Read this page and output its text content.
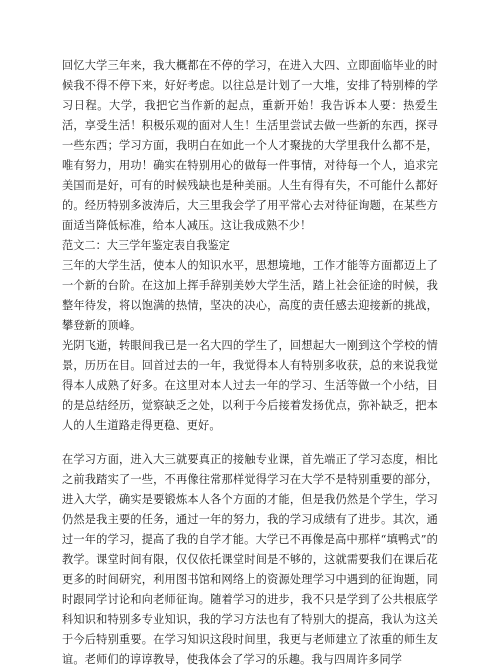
回忆大学三年来，我大概都在不停的学习，在进入大四、立即面临毕业的时候我不得不停下来，好好考虑。以往总是计划了一大堆，安排了特别棒的学习日程。大学，我把它当作新的起点，重新开始！我告诉本人要：热爱生活，享受生活！积极乐观的面对人生！生活里尝试去做一些新的东西，探寻一些东西；学习方面，我明白在如此一个人才聚拢的大学里我什么都不是，唯有努力，用功！确实在特别用心的做每一件事情，对待每一个人，追求完美国而是好，可有的时候残缺也是种美丽。人生有得有失，不可能什么都好的。经历特别多波涛后，大三里我会学了用平常心去对待征询题，在某些方面适当降低标准，给本人减压。这让我成熟不少！

范文二：大三学年鉴定表自我鉴定

三年的大学生活，使本人的知识水平，思想境地，工作才能等方面都迈上了一个新的台阶。在这加上挥手辞别美妙大学生活，踏上社会征途的时候，我整年待发，将以饱满的热情，坚决的决心，高度的责任感去迎接新的挑战，攀登新的顶峰。

光阴飞逝，转眼间我已是一名大四的学生了，回想起大一刚到这个学校的情景，历历在目。回首过去的一年，我觉得本人有特别多收获，总的来说我觉得本人成熟了好多。在这里对本人过去一年的学习、生活等做一个小结，目的是总结经历，觉察缺乏之处，以利于今后接着发扬优点，弥补缺乏，把本人的人生道路走得更稳、更好。

在学习方面，进入大三就要真正的接触专业课，首先端正了学习态度，相比之前我踏实了一些，不再像往常那样觉得学习在大学不是特别重要的部分，进入大学，确实是要锻炼本人各个方面的才能，但是我仍然是个学生，学习仍然是我主要的任务，通过一年的努力，我的学习成绩有了进步。其次，通过一年的学习，提高了我的自学才能。大学已不再像是高中那样“填鸭式”的教学。课堂时间有限，仅仅依托课堂时间是不够的，这就需要我们在课后花更多的时间研究，利用图书馆和网络上的资源处理学习中遇到的征询题，同时跟同学讨论和向老师征询。随着学习的进步，我不只是学到了公共根底学科知识和特别多专业知识，我的学习方法也有了特别大的提高，我认为这关于今后特别重要。在学习知识这段时间里，我更与老师建立了浓重的师生友谊。老师们的谆谆教导，使我体会了学习的乐趣。我与四周许多同学
